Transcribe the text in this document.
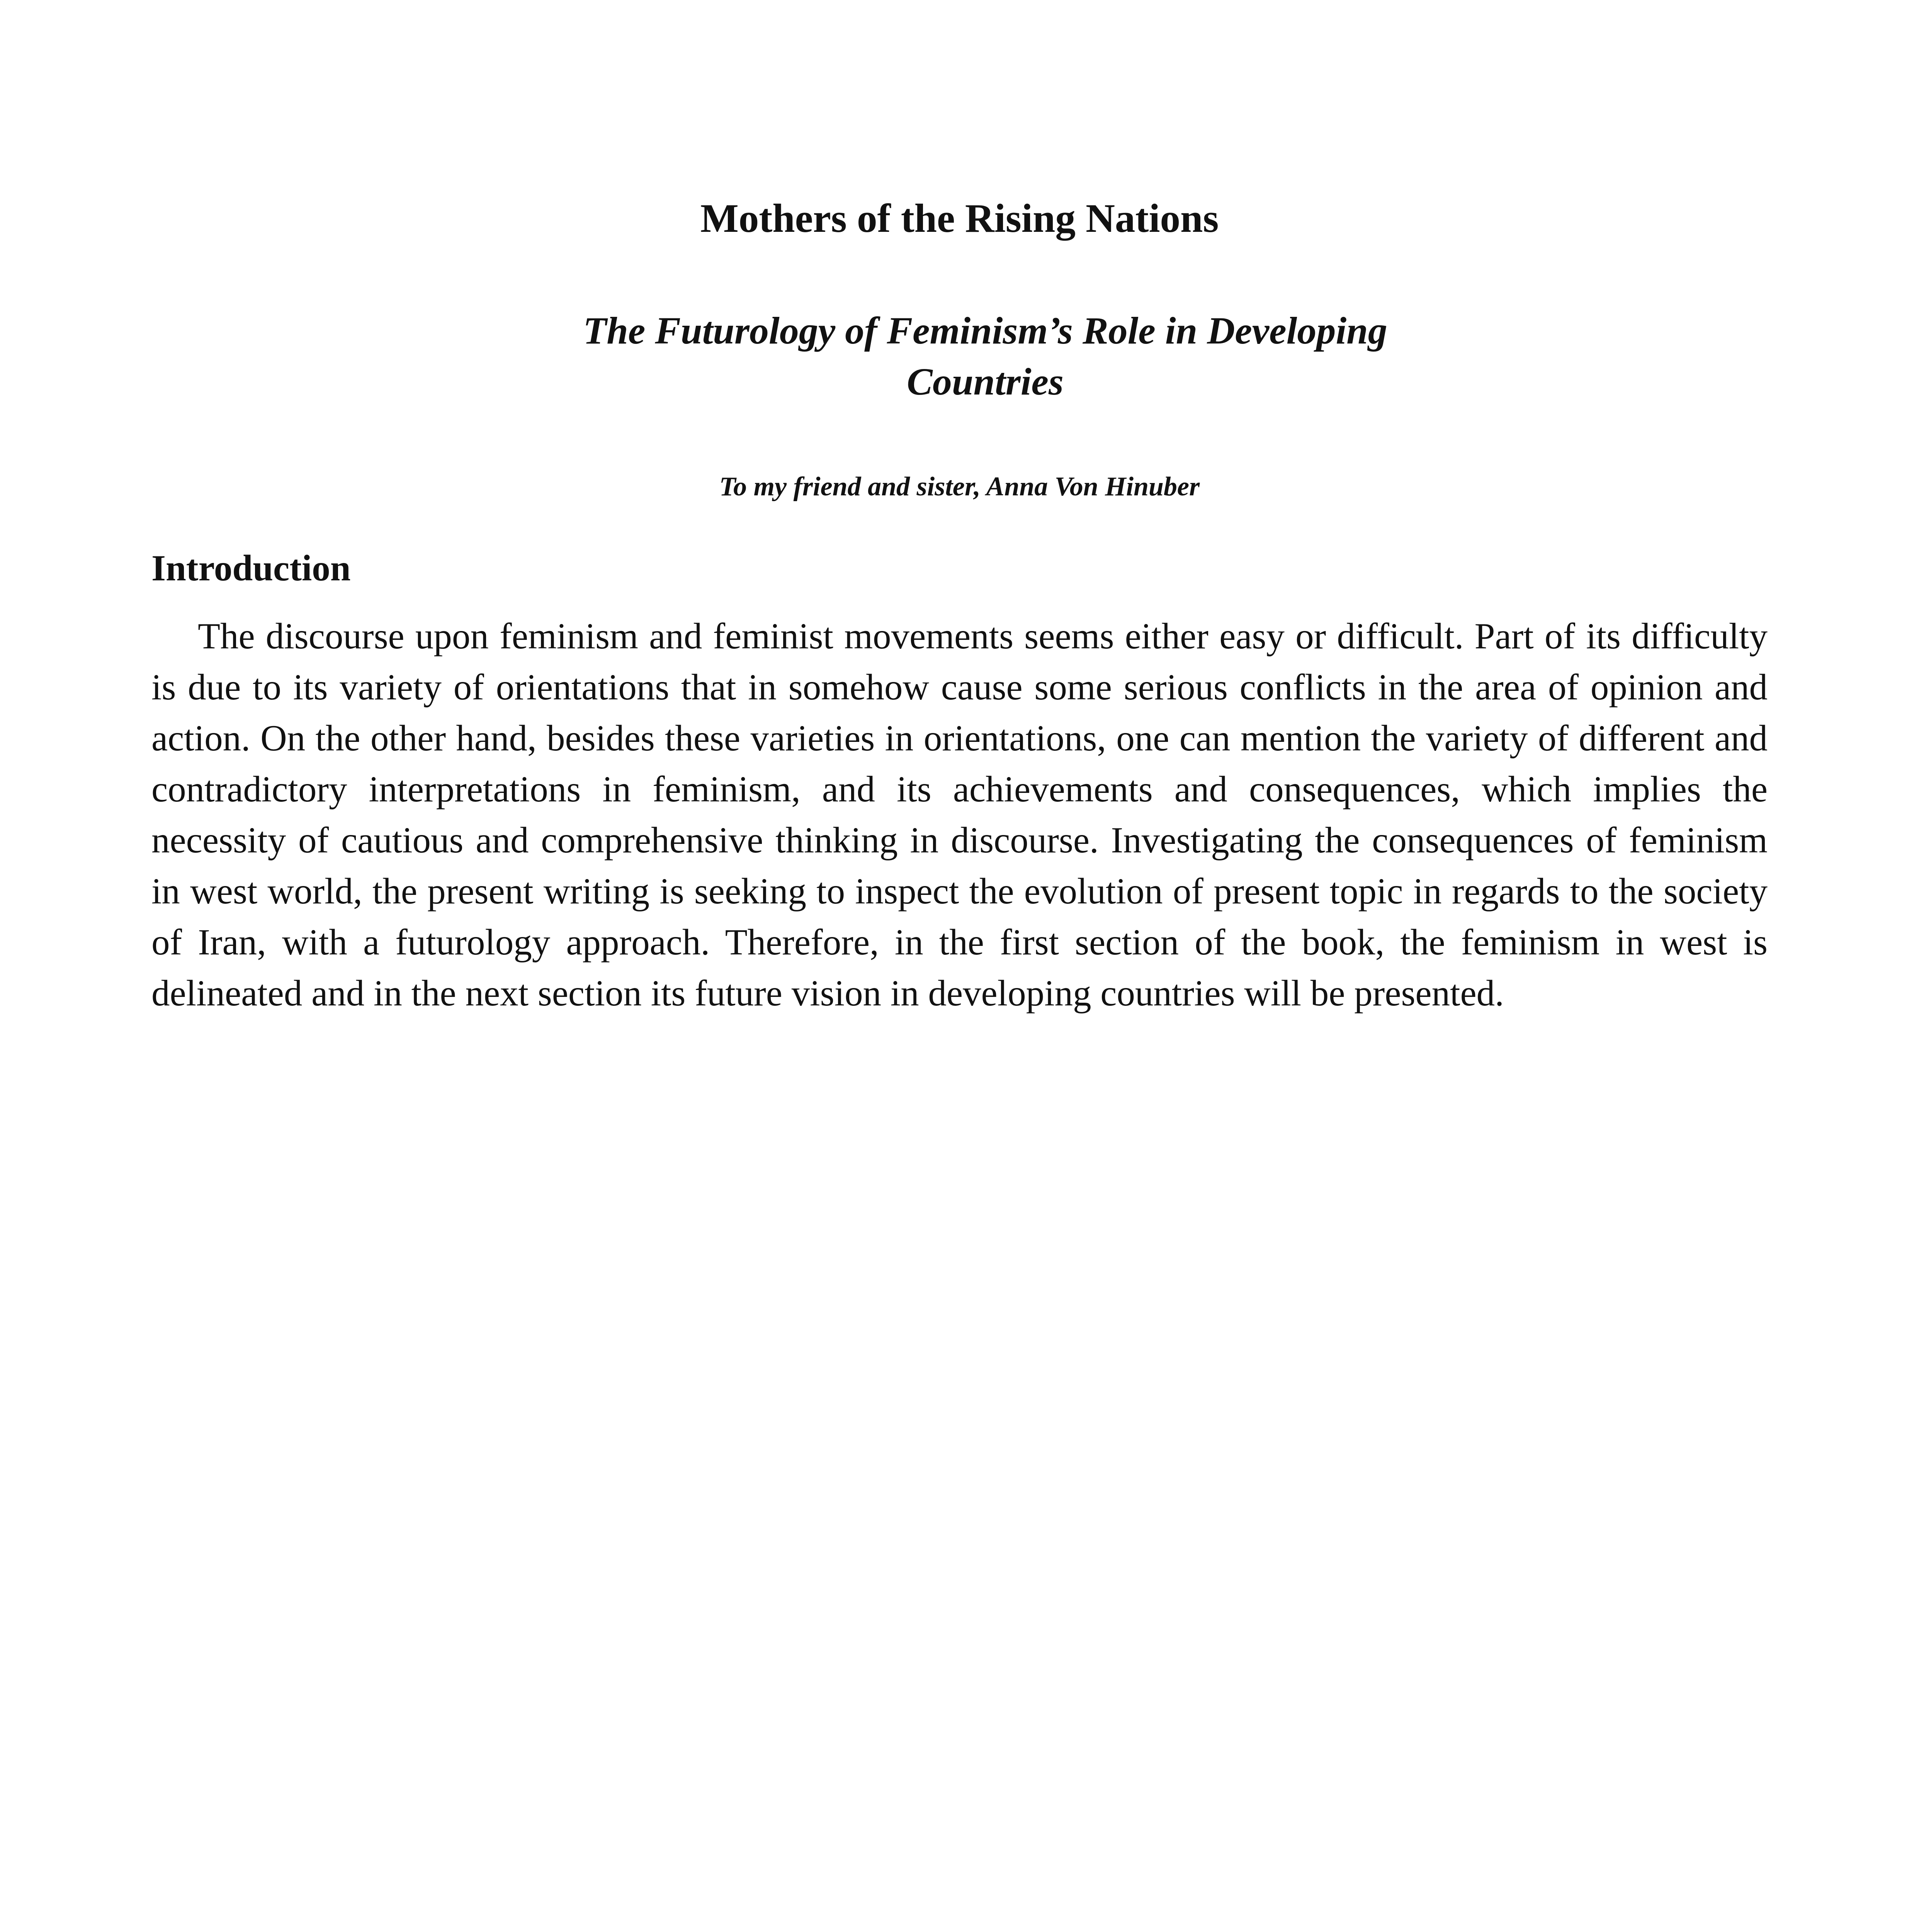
Mothers of the Rising Nations
The Futurology of Feminism’s Role in Developing Countries

To my friend and sister, Anna Von Hinuber

Introduction

The discourse upon feminism and feminist movements seems either easy or difficult. Part of its difficulty is due to its variety of orientations that in somehow cause some serious conflicts in the area of opinion and action. On the other hand, besides these varieties in orientations, one can mention the variety of different and contradictory interpretations in feminism, and its achievements and consequences, which implies the necessity of cautious and comprehensive thinking in discourse. Investigating the consequences of feminism in west world, the present writing is seeking to inspect the evolution of present topic in regards to the society of Iran, with a futurology approach. Therefore, in the first section of the book, the feminism in west is delineated and in the next section its future vision in developing countries will be presented.
